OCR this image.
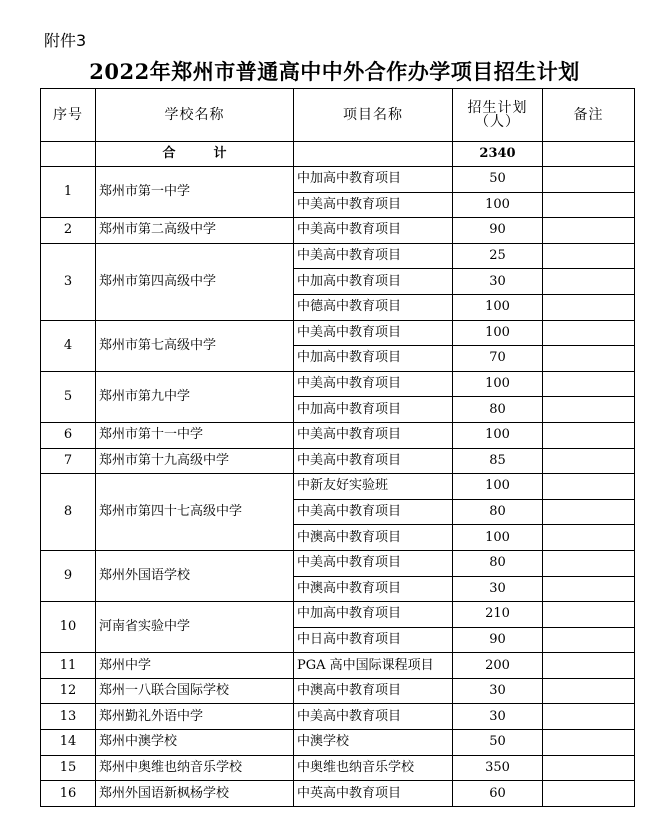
附件3
2022年郑州市普通高中中外合作办学项目招生计划
序号	学校名称	项目名称	招生计划（人）	备注
	合计		2340	
1	郑州市第一中学	中加高中教育项目	50	
		中美高中教育项目	100	
2	郑州市第二高级中学	中美高中教育项目	90	
3	郑州市第四高级中学	中美高中教育项目	25	
		中加高中教育项目	30	
		中德高中教育项目	100	
4	郑州市第七高级中学	中美高中教育项目	100	
		中加高中教育项目	70	
5	郑州市第九中学	中美高中教育项目	100	
		中加高中教育项目	80	
6	郑州市第十一中学	中美高中教育项目	100	
7	郑州市第十九高级中学	中美高中教育项目	85	
8	郑州市第四十七高级中学	中新友好实验班	100	
		中美高中教育项目	80	
		中澳高中教育项目	100	
9	郑州外国语学校	中美高中教育项目	80	
		中澳高中教育项目	30	
10	河南省实验中学	中加高中教育项目	210	
		中日高中教育项目	90	
11	郑州中学	PGA 高中国际课程项目	200	
12	郑州一八联合国际学校	中澳高中教育项目	30	
13	郑州勤礼外语中学	中美高中教育项目	30	
14	郑州中澳学校	中澳学校	50	
15	郑州中奥维也纳音乐学校	中奥维也纳音乐学校	350	
16	郑州外国语新枫杨学校	中英高中教育项目	60	
